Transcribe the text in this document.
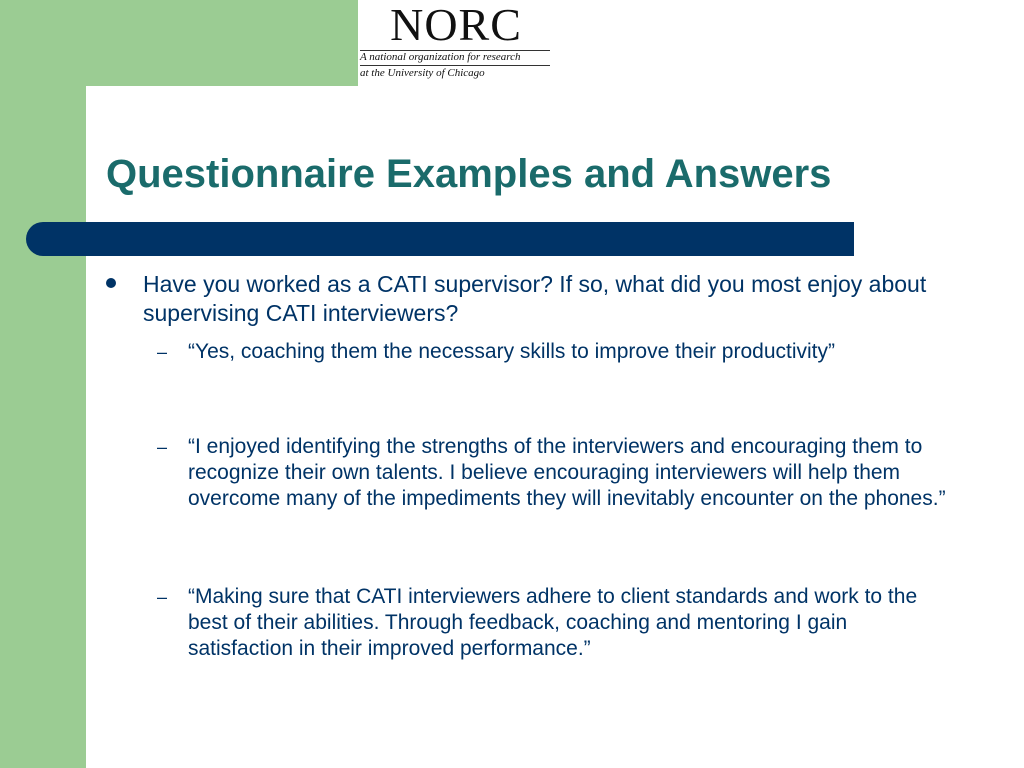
NORC
A national organization for research
at the University of Chicago
Questionnaire Examples and Answers
Have you worked as a CATI supervisor? If so, what did you most enjoy about supervising CATI interviewers?
– “Yes, coaching them the necessary skills to improve their productivity”
– “I enjoyed identifying the strengths of the interviewers and encouraging them to recognize their own talents. I believe encouraging interviewers will help them overcome many of the impediments they will inevitably encounter on the phones.”
– “Making sure that CATI interviewers adhere to client standards and work to the best of their abilities. Through feedback, coaching and mentoring I gain satisfaction in their improved performance.”
